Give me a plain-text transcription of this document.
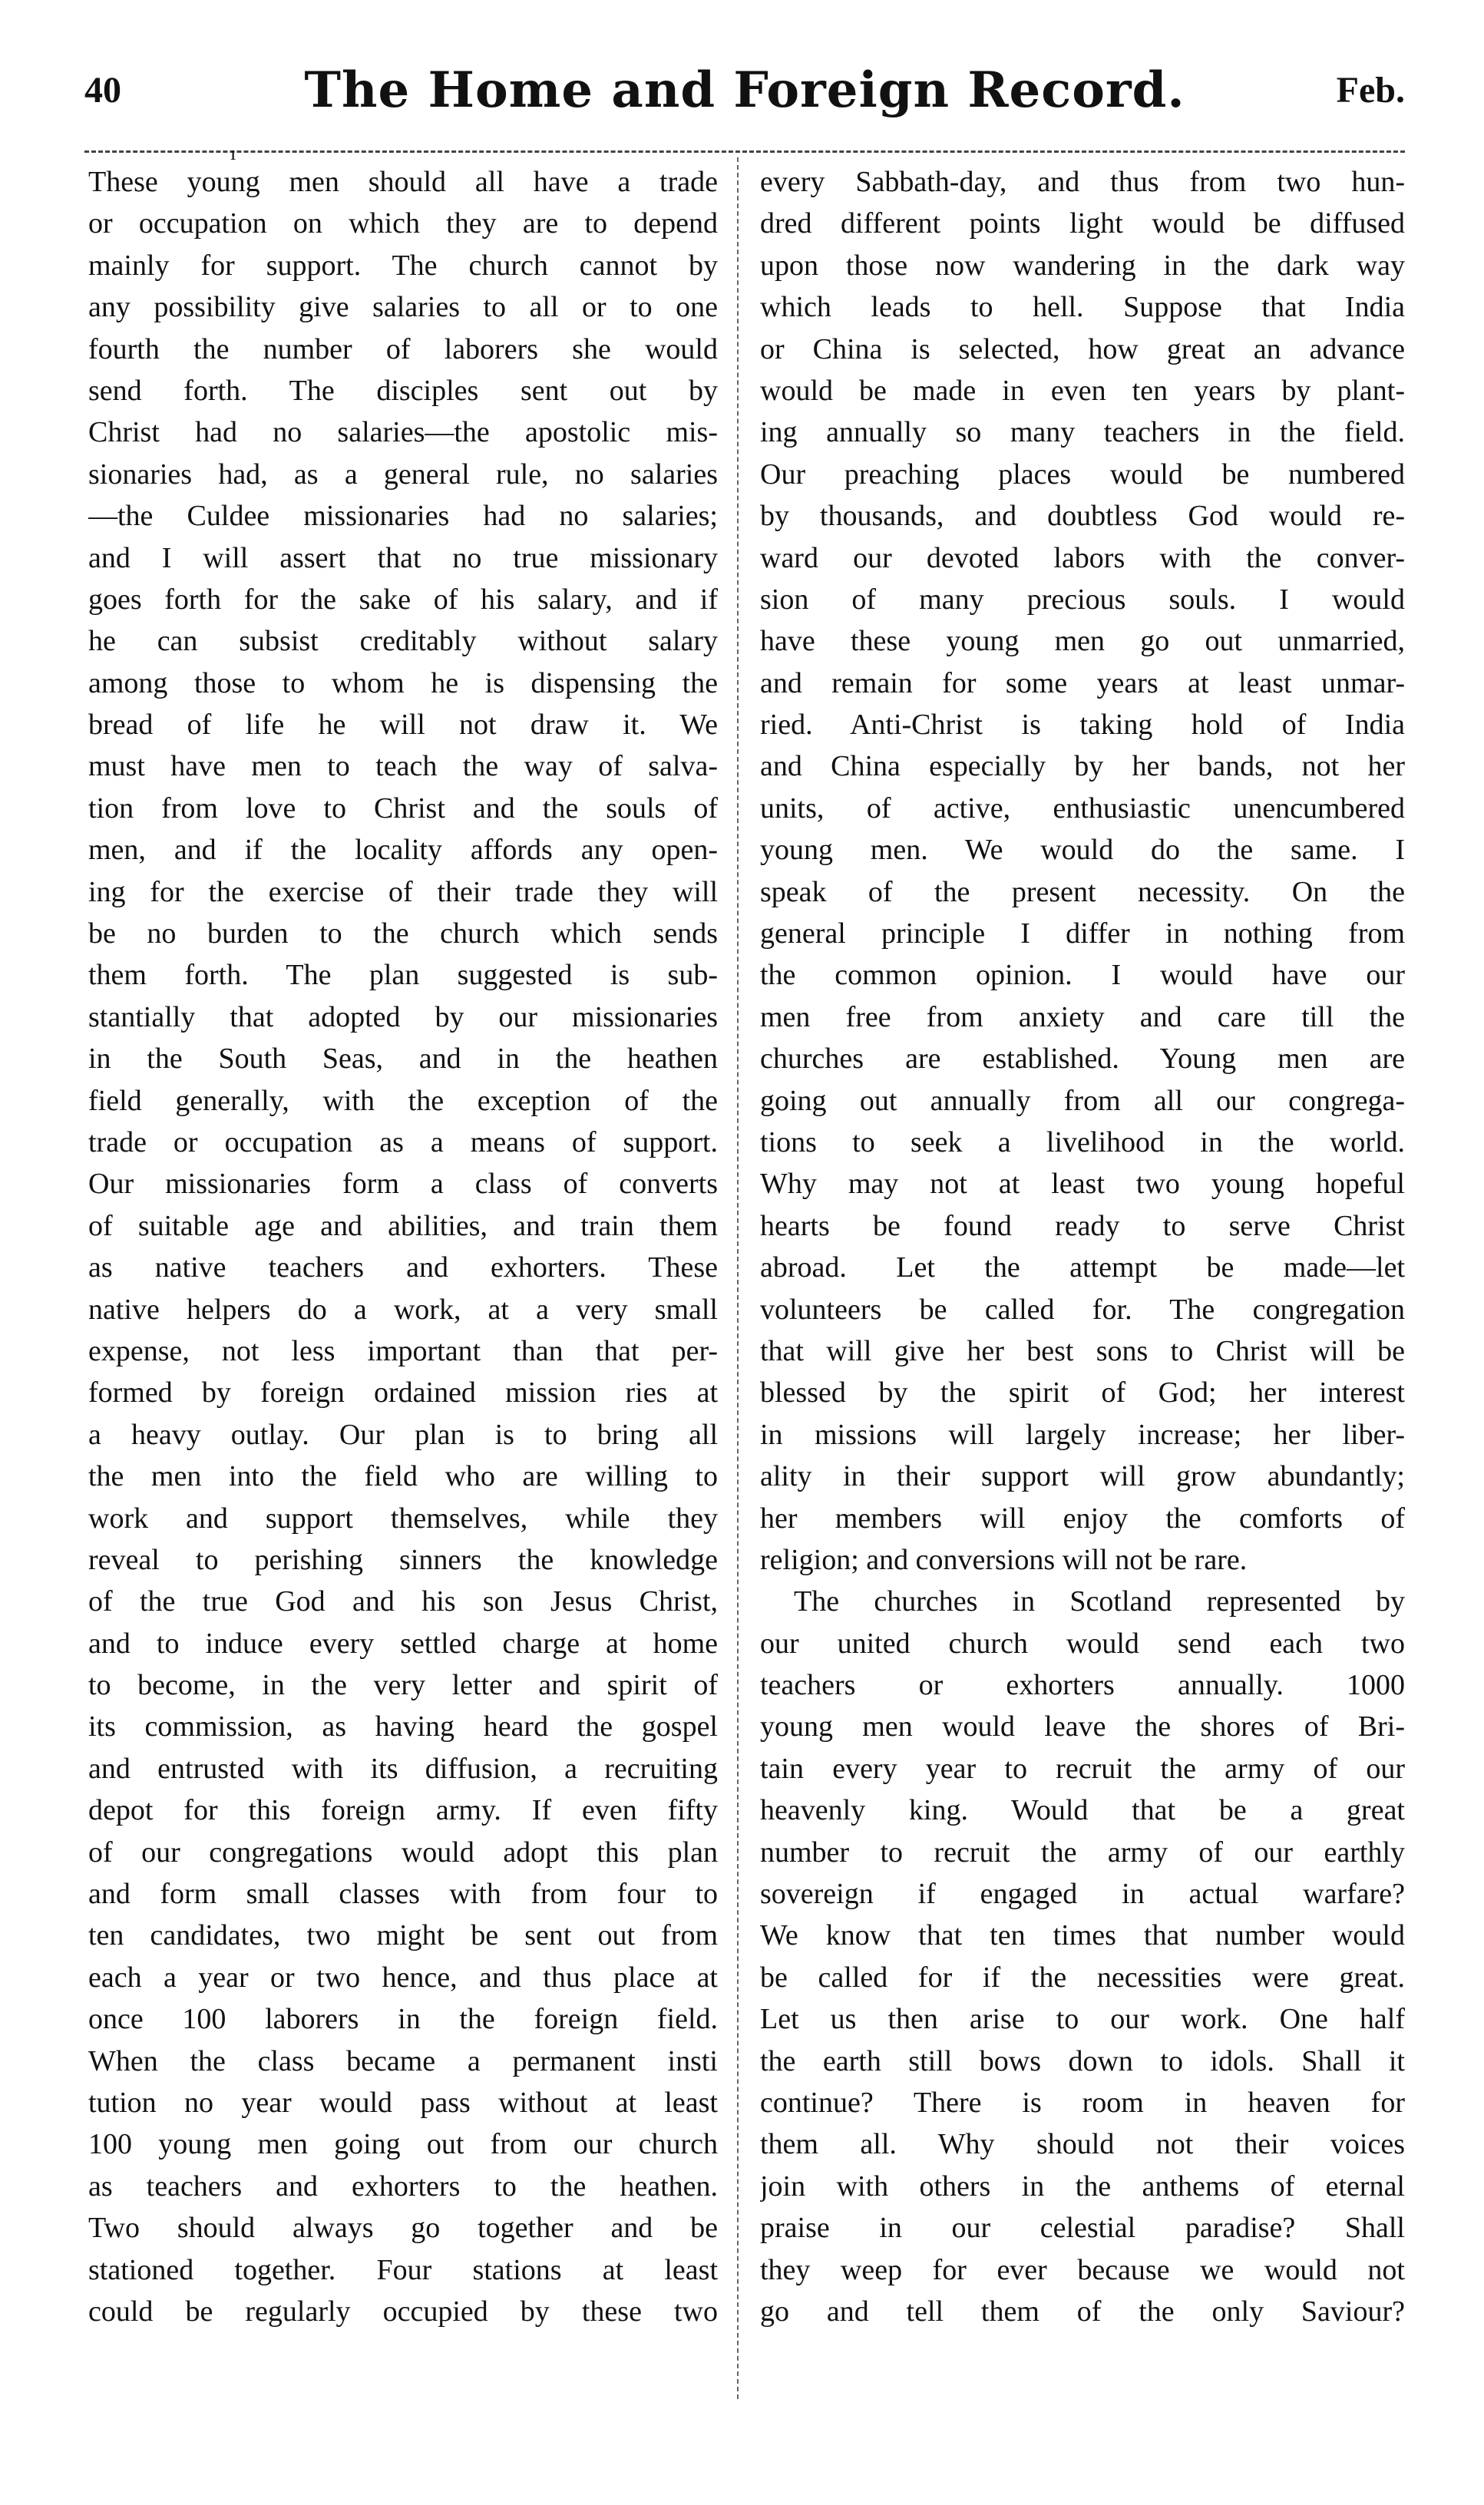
40	The Home and Foreign Record.	Feb.
ı
These young men should all have a trade
or occupation on which they are to depend
mainly for support. The church cannot by
any possibility give salaries to all or to one
fourth the number of laborers she would
send forth. The disciples sent out by
Christ had no salaries—the apostolic mis-
sionaries had, as a general rule, no salaries
—the Culdee missionaries had no salaries;
and I will assert that no true missionary
goes forth for the sake of his salary, and if
he can subsist creditably without salary
among those to whom he is dispensing the
bread of life he will not draw it. We
must have men to teach the way of salva-
tion from love to Christ and the souls of
men, and if the locality affords any open-
ing for the exercise of their trade they will
be no burden to the church which sends
them forth. The plan suggested is sub-
stantially that adopted by our missionaries
in the South Seas, and in the heathen
field generally, with the exception of the
trade or occupation as a means of support.
Our missionaries form a class of converts
of suitable age and abilities, and train them
as native teachers and exhorters. These
native helpers do a work, at a very small
expense, not less important than that per-
formed by foreign ordained mission ries at
a heavy outlay. Our plan is to bring all
the men into the field who are willing to
work and support themselves, while they
reveal to perishing sinners the knowledge
of the true God and his son Jesus Christ,
and to induce every settled charge at home
to become, in the very letter and spirit of
its commission, as having heard the gospel
and entrusted with its diffusion, a recruiting
depot for this foreign army. If even fifty
of our congregations would adopt this plan
and form small classes with from four to
ten candidates, two might be sent out from
each a year or two hence, and thus place at
once 100 laborers in the foreign field.
When the class became a permanent insti
tution no year would pass without at least
100 young men going out from our church
as teachers and exhorters to the heathen.
Two should always go together and be
stationed together. Four stations at least
could be regularly occupied by these two
every Sabbath-day, and thus from two hun-
dred different points light would be diffused
upon those now wandering in the dark way
which leads to hell. Suppose that India
or China is selected, how great an advance
would be made in even ten years by plant-
ing annually so many teachers in the field.
Our preaching places would be numbered
by thousands, and doubtless God would re-
ward our devoted labors with the conver-
sion of many precious souls. I would
have these young men go out unmarried,
and remain for some years at least unmar-
ried. Anti-Christ is taking hold of India
and China especially by her bands, not her
units, of active, enthusiastic unencumbered
young men. We would do the same. I
speak of the present necessity. On the
general principle I differ in nothing from
the common opinion. I would have our
men free from anxiety and care till the
churches are established. Young men are
going out annually from all our congrega-
tions to seek a livelihood in the world.
Why may not at least two young hopeful
hearts be found ready to serve Christ
abroad. Let the attempt be made—let
volunteers be called for. The congregation
that will give her best sons to Christ will be
blessed by the spirit of God; her interest
in missions will largely increase; her liber-
ality in their support will grow abundantly;
her members will enjoy the comforts of
religion; and conversions will not be rare.
The churches in Scotland represented by
our united church would send each two
teachers or exhorters annually. 1000
young men would leave the shores of Bri-
tain every year to recruit the army of our
heavenly king. Would that be a great
number to recruit the army of our earthly
sovereign if engaged in actual warfare?
We know that ten times that number would
be called for if the necessities were great.
Let us then arise to our work. One half
the earth still bows down to idols. Shall it
continue? There is room in heaven for
them all. Why should not their voices
join with others in the anthems of eternal
praise in our celestial paradise? Shall
they weep for ever because we would not
go and tell them of the only Saviour?
